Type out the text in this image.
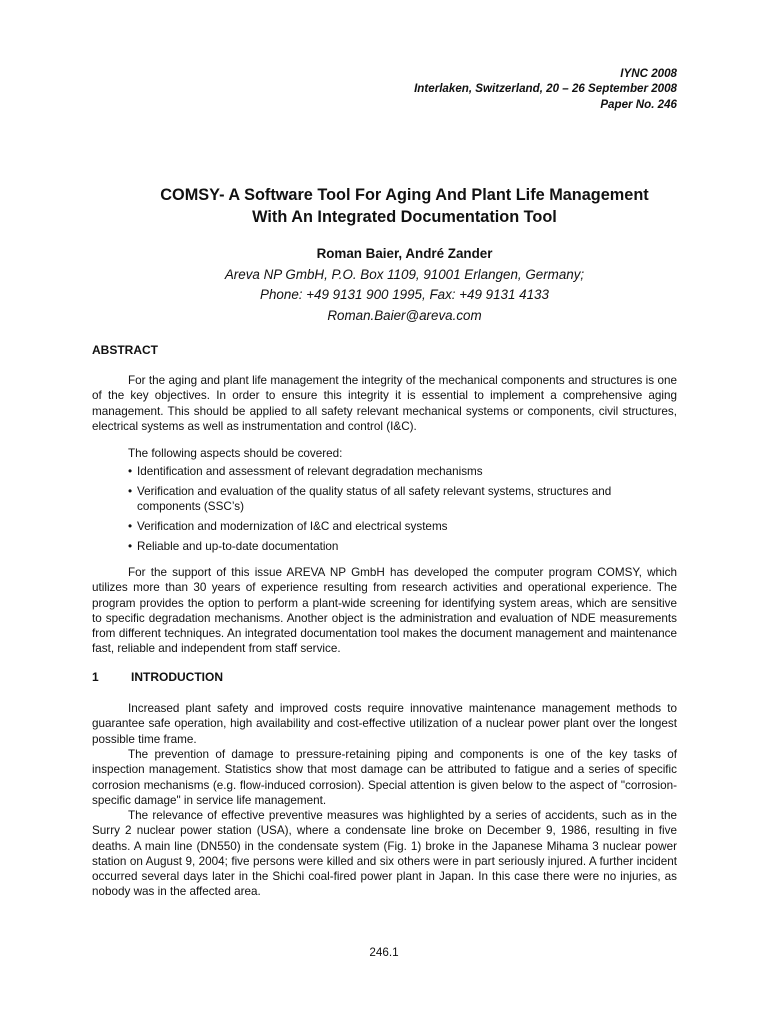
IYNC 2008
Interlaken, Switzerland, 20 – 26 September 2008
Paper No. 246
COMSY- A Software Tool For Aging And Plant Life Management
With An Integrated Documentation Tool
Roman Baier, André Zander
Areva NP GmbH, P.O. Box 1109, 91001 Erlangen, Germany;
Phone: +49 9131 900 1995, Fax: +49 9131 4133
Roman.Baier@areva.com
ABSTRACT

For the aging and plant life management the integrity of the mechanical components and structures is one of the key objectives. In order to ensure this integrity it is essential to implement a comprehensive aging management. This should be applied to all safety relevant mechanical systems or components, civil structures, electrical systems as well as instrumentation and control (I&C).

The following aspects should be covered:

• Identification and assessment of relevant degradation mechanisms
• Verification and evaluation of the quality status of all safety relevant systems, structures and components (SSC’s)
• Verification and modernization of I&C and electrical systems
• Reliable and up-to-date documentation

For the support of this issue AREVA NP GmbH has developed the computer program COMSY, which utilizes more than 30 years of experience resulting from research activities and operational experience. The program provides the option to perform a plant-wide screening for identifying system areas, which are sensitive to specific degradation mechanisms. Another object is the administration and evaluation of NDE measurements from different techniques. An integrated documentation tool makes the document management and maintenance fast, reliable and independent from staff service.

1	INTRODUCTION

Increased plant safety and improved costs require innovative maintenance management methods to guarantee safe operation, high availability and cost-effective utilization of a nuclear power plant over the longest possible time frame.

The prevention of damage to pressure-retaining piping and components is one of the key tasks of inspection management. Statistics show that most damage can be attributed to fatigue and a series of specific corrosion mechanisms (e.g. flow-induced corrosion). Special attention is given below to the aspect of "corrosion-specific damage" in service life management.

The relevance of effective preventive measures was highlighted by a series of accidents, such as in the Surry 2 nuclear power station (USA), where a condensate line broke on December 9, 1986, resulting in five deaths. A main line (DN550) in the condensate system (Fig. 1) broke in the Japanese Mihama 3 nuclear power station on August 9, 2004; five persons were killed and six others were in part seriously injured. A further incident occurred several days later in the Shichi coal-fired power plant in Japan. In this case there were no injuries, as nobody was in the affected area.

246.1
